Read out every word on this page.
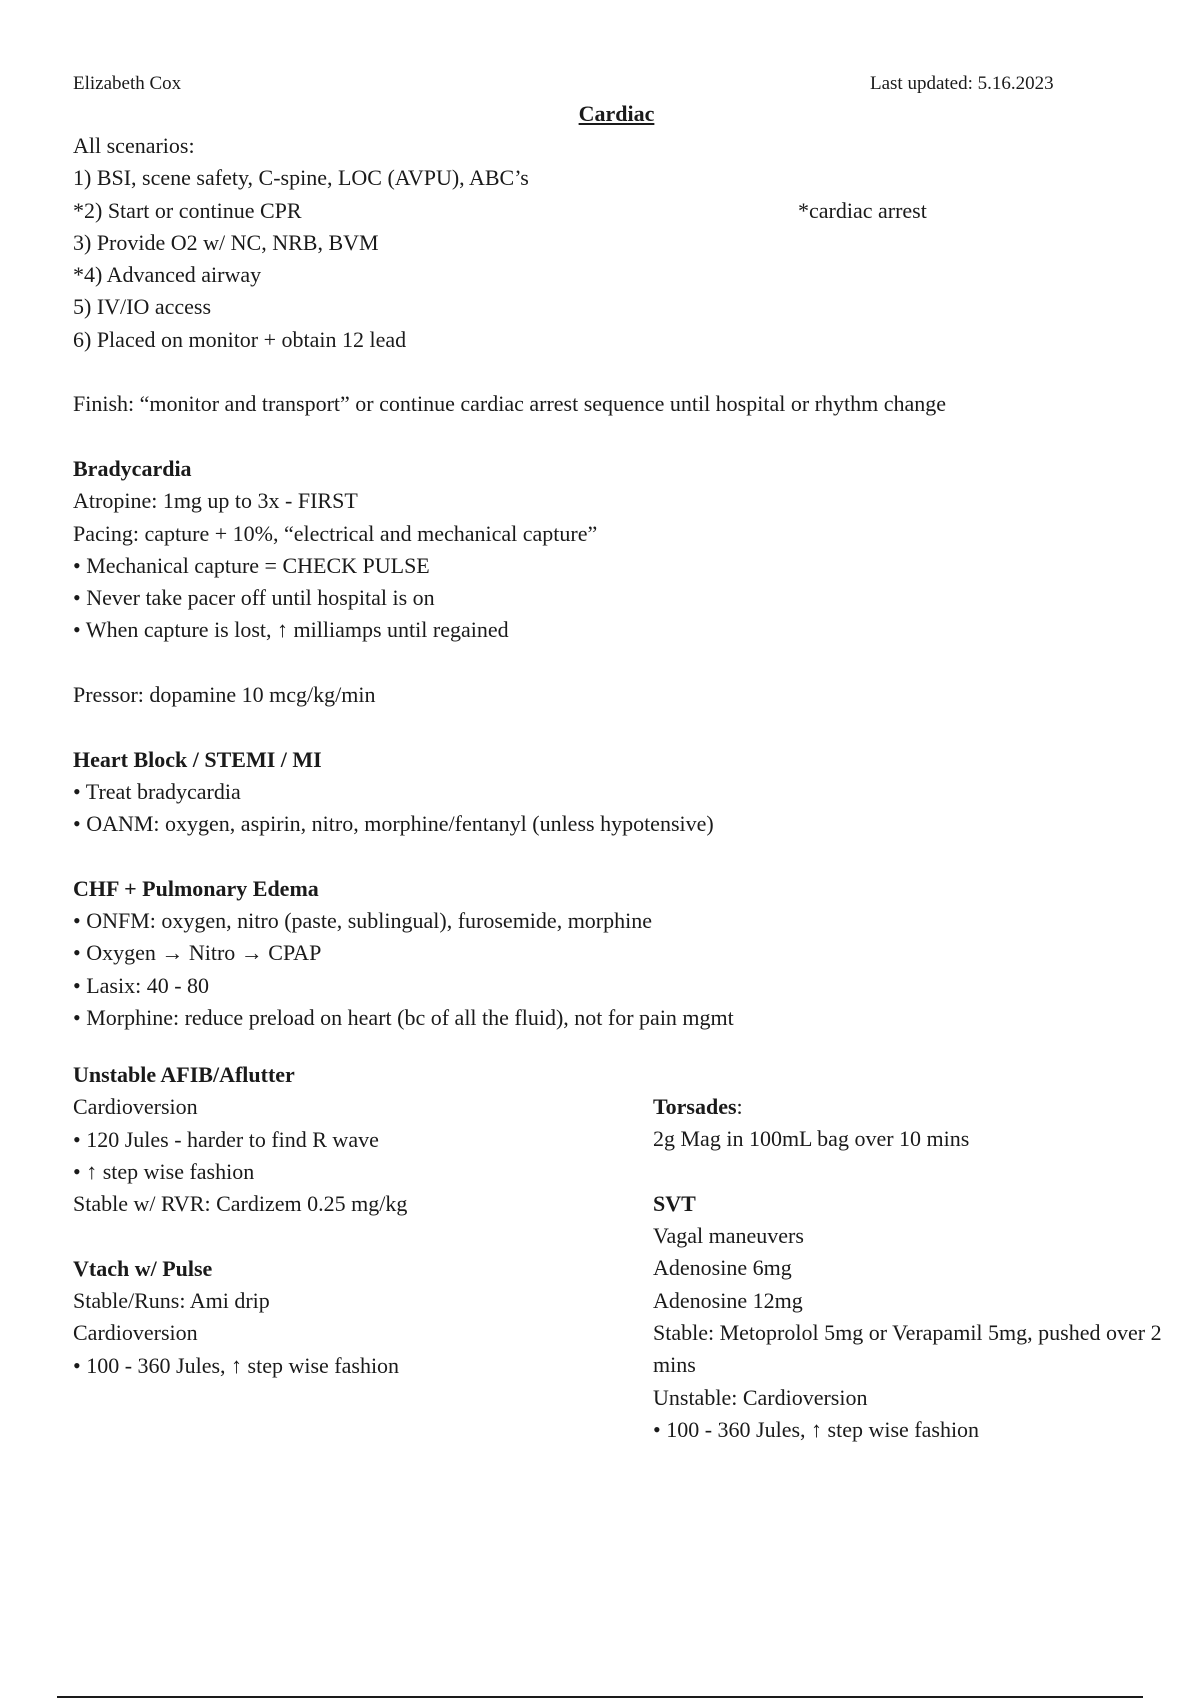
Elizabeth Cox	Last updated: 5.16.2023
Cardiac
All scenarios:
1) BSI, scene safety, C-spine, LOC (AVPU), ABC’s
*2) Start or continue CPR	*cardiac arrest
3) Provide O2 w/ NC, NRB, BVM
*4) Advanced airway
5) IV/IO access
6) Placed on monitor + obtain 12 lead
Finish: “monitor and transport” or continue cardiac arrest sequence until hospital or rhythm change
Bradycardia
Atropine: 1mg up to 3x - FIRST
Pacing: capture + 10%, “electrical and mechanical capture”
• Mechanical capture = CHECK PULSE
• Never take pacer off until hospital is on
• When capture is lost, ↑ milliamps until regained
Pressor: dopamine 10 mcg/kg/min
Heart Block / STEMI / MI
• Treat bradycardia
• OANM: oxygen, aspirin, nitro, morphine/fentanyl (unless hypotensive)
CHF + Pulmonary Edema
• ONFM: oxygen, nitro (paste, sublingual), furosemide, morphine
• Oxygen → Nitro → CPAP
• Lasix: 40 - 80
• Morphine: reduce preload on heart (bc of all the fluid), not for pain mgmt
Unstable AFIB/Aflutter
Cardioversion
• 120 Jules - harder to find R wave
• ↑ step wise fashion
Stable w/ RVR: Cardizem 0.25 mg/kg
Vtach w/ Pulse
Stable/Runs: Ami drip
Cardioversion
• 100 - 360 Jules, ↑ step wise fashion
Torsades:
2g Mag in 100mL bag over 10 mins
SVT
Vagal maneuvers
Adenosine 6mg
Adenosine 12mg
Stable: Metoprolol 5mg or Verapamil 5mg, pushed over 2 mins
Unstable: Cardioversion
• 100 - 360 Jules, ↑ step wise fashion
